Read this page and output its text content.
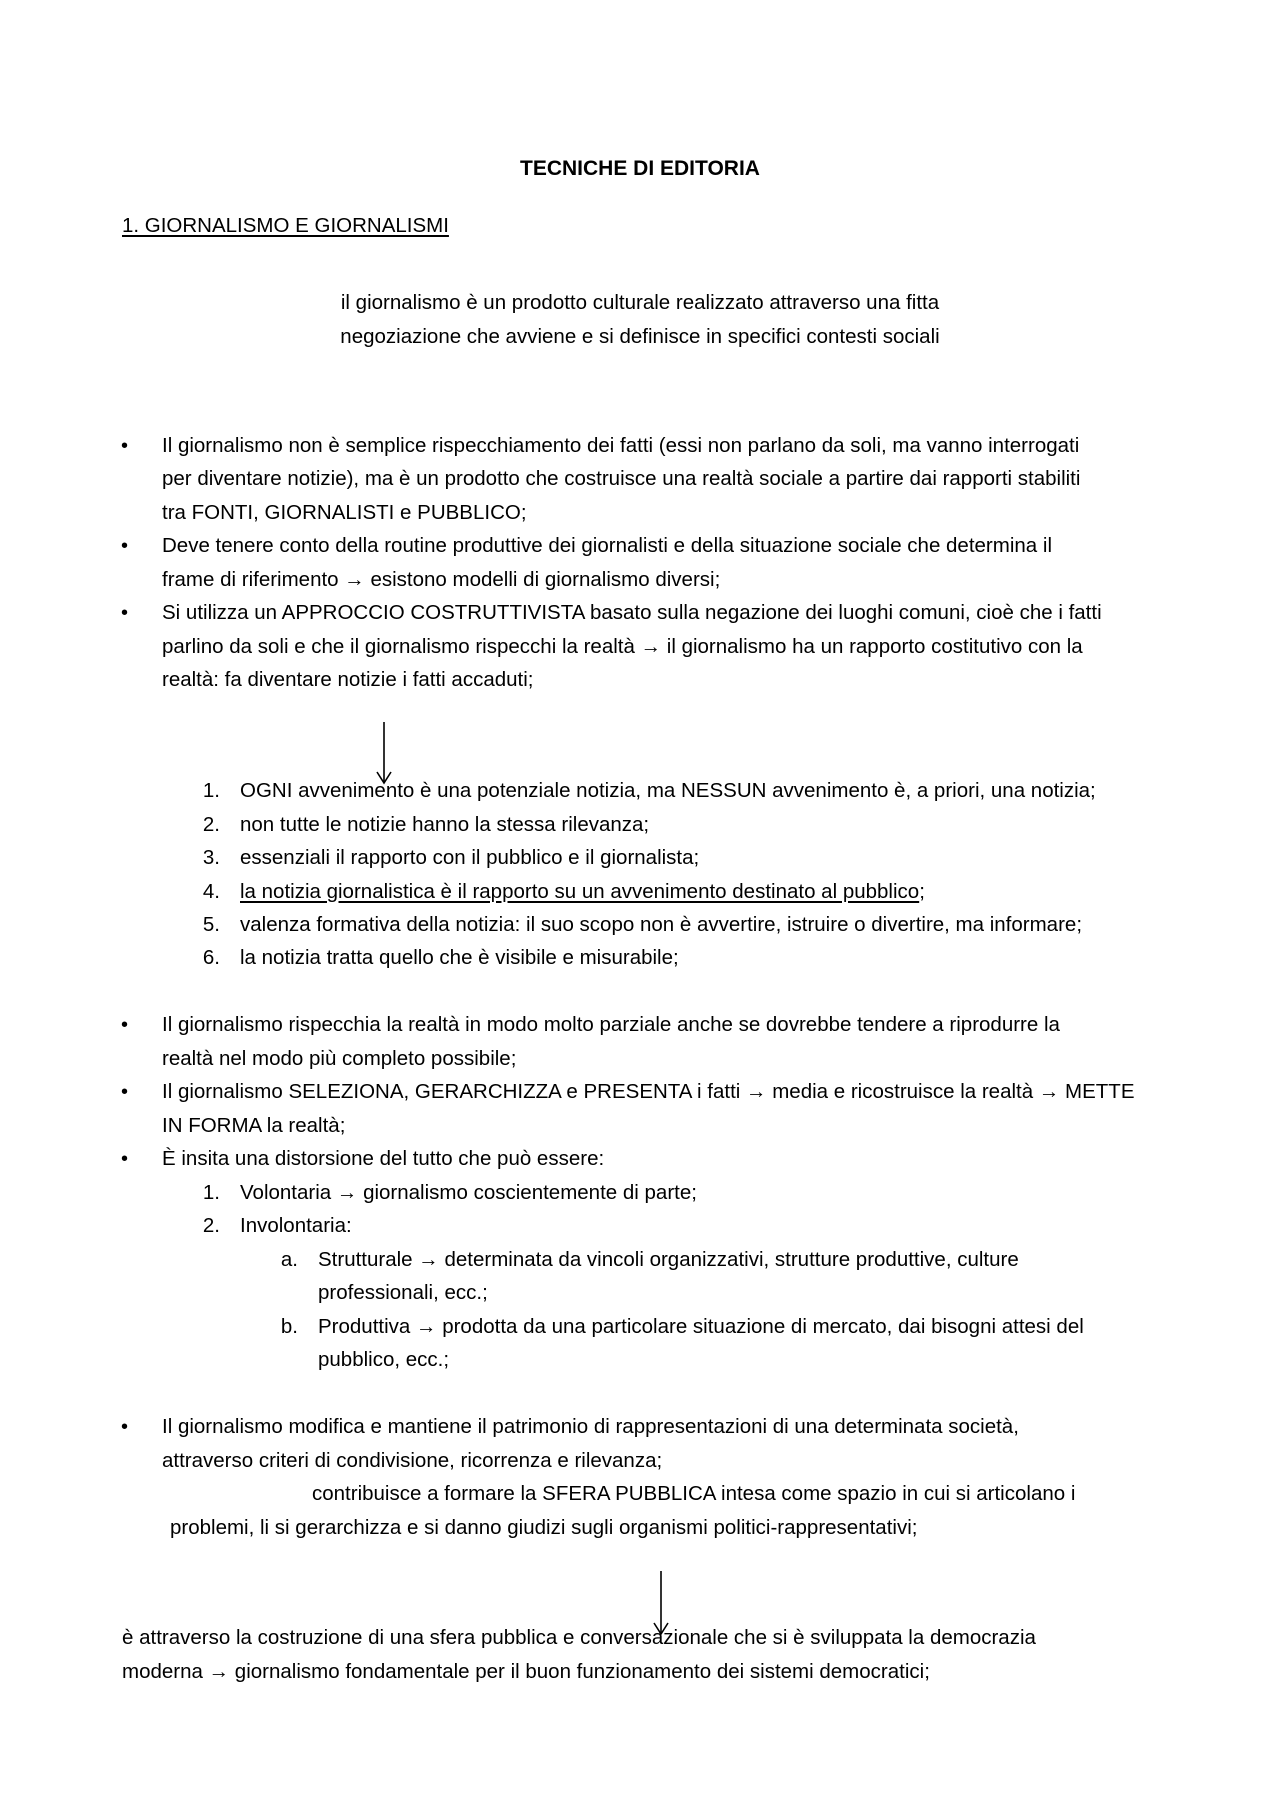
TECNICHE DI EDITORIA
1. GIORNALISMO E GIORNALISMI
il giornalismo è un prodotto culturale realizzato attraverso una fitta
negoziazione che avviene e si definisce in specifici contesti sociali
• Il giornalismo non è semplice rispecchiamento dei fatti (essi non parlano da soli, ma vanno interrogati
per diventare notizie), ma è un prodotto che costruisce una realtà sociale a partire dai rapporti stabiliti
tra FONTI, GIORNALISTI e PUBBLICO;
• Deve tenere conto della routine produttive dei giornalisti e della situazione sociale che determina il
frame di riferimento → esistono modelli di giornalismo diversi;
• Si utilizza un APPROCCIO COSTRUTTIVISTA basato sulla negazione dei luoghi comuni, cioè che i fatti
parlino da soli e che il giornalismo rispecchi la realtà → il giornalismo ha un rapporto costitutivo con la
realtà: fa diventare notizie i fatti accaduti;
1. OGNI avvenimento è una potenziale notizia, ma NESSUN avvenimento è, a priori, una notizia;
2. non tutte le notizie hanno la stessa rilevanza;
3. essenziali il rapporto con il pubblico e il giornalista;
4. la notizia giornalistica è il rapporto su un avvenimento destinato al pubblico;
5. valenza formativa della notizia: il suo scopo non è avvertire, istruire o divertire, ma informare;
6. la notizia tratta quello che è visibile e misurabile;
• Il giornalismo rispecchia la realtà in modo molto parziale anche se dovrebbe tendere a riprodurre la
realtà nel modo più completo possibile;
• Il giornalismo SELEZIONA, GERARCHIZZA e PRESENTA i fatti → media e ricostruisce la realtà → METTE
IN FORMA la realtà;
• È insita una distorsione del tutto che può essere:
1. Volontaria → giornalismo coscientemente di parte;
2. Involontaria:
a. Strutturale → determinata da vincoli organizzativi, strutture produttive, culture
professionali, ecc.;
b. Produttiva → prodotta da una particolare situazione di mercato, dai bisogni attesi del
pubblico, ecc.;
• Il giornalismo modifica e mantiene il patrimonio di rappresentazioni di una determinata società,
attraverso criteri di condivisione, ricorrenza e rilevanza;
contribuisce a formare la SFERA PUBBLICA intesa come spazio in cui si articolano i
problemi, li si gerarchizza e si danno giudizi sugli organismi politici-rappresentativi;
è attraverso la costruzione di una sfera pubblica e conversazionale che si è sviluppata la democrazia
moderna → giornalismo fondamentale per il buon funzionamento dei sistemi democratici;
